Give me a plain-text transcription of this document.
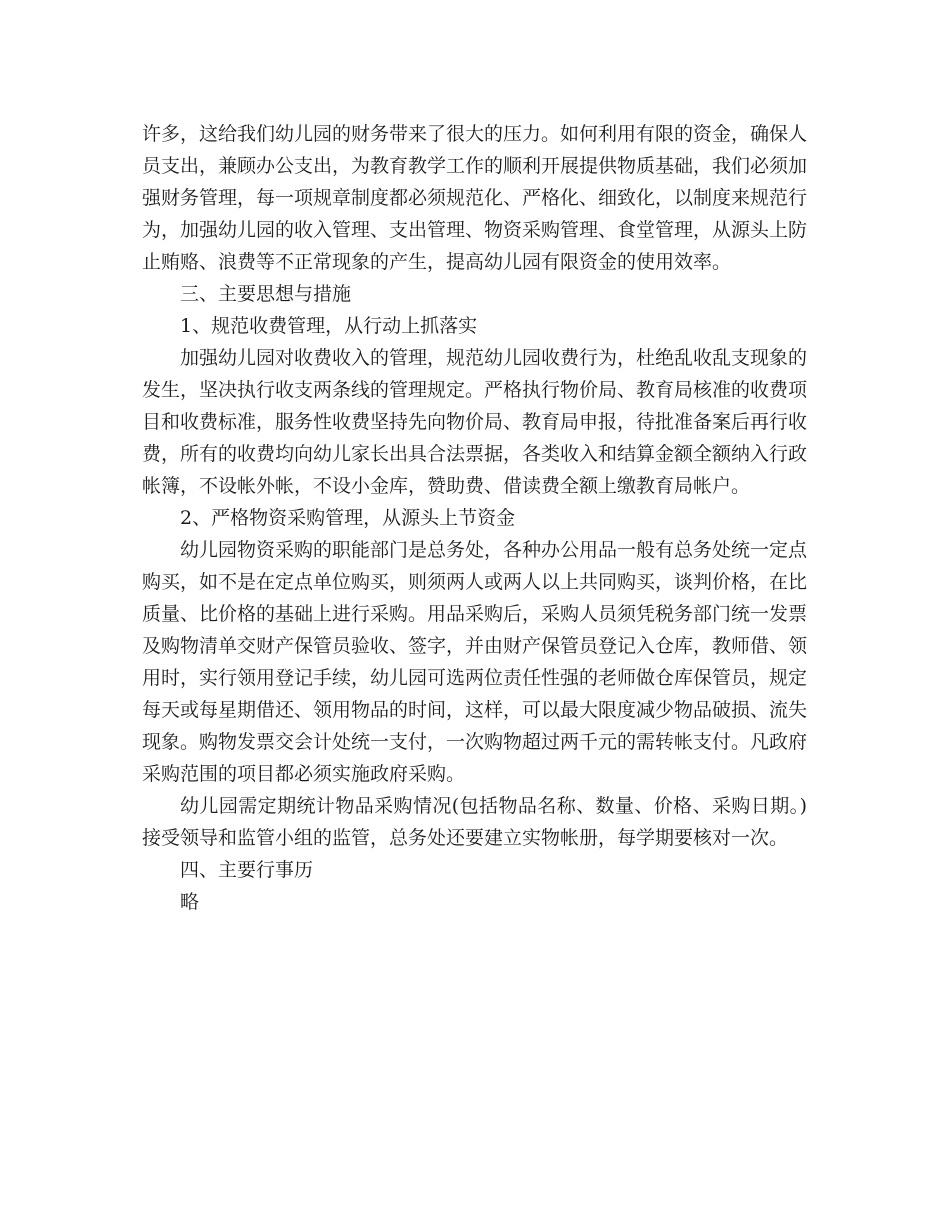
许多，这给我们幼儿园的财务带来了很大的压力。如何利用有限的资金，确保人员支出，兼顾办公支出，为教育教学工作的顺利开展提供物质基础，我们必须加强财务管理，每一项规章制度都必须规范化、严格化、细致化，以制度来规范行为，加强幼儿园的收入管理、支出管理、物资采购管理、食堂管理，从源头上防止贿赂、浪费等不正常现象的产生，提高幼儿园有限资金的使用效率。

三、主要思想与措施

1、规范收费管理，从行动上抓落实

加强幼儿园对收费收入的管理，规范幼儿园收费行为，杜绝乱收乱支现象的发生，坚决执行收支两条线的管理规定。严格执行物价局、教育局核准的收费项目和收费标准，服务性收费坚持先向物价局、教育局申报，待批准备案后再行收费，所有的收费均向幼儿家长出具合法票据，各类收入和结算金额全额纳入行政帐簿，不设帐外帐，不设小金库，赞助费、借读费全额上缴教育局帐户。

2、严格物资采购管理，从源头上节资金

幼儿园物资采购的职能部门是总务处，各种办公用品一般有总务处统一定点购买，如不是在定点单位购买，则须两人或两人以上共同购买，谈判价格，在比质量、比价格的基础上进行采购。用品采购后，采购人员须凭税务部门统一发票及购物清单交财产保管员验收、签字，并由财产保管员登记入仓库，教师借、领用时，实行领用登记手续，幼儿园可选两位责任性强的老师做仓库保管员，规定每天或每星期借还、领用物品的时间，这样，可以最大限度减少物品破损、流失现象。购物发票交会计处统一支付，一次购物超过两千元的需转帐支付。凡政府采购范围的项目都必须实施政府采购。

幼儿园需定期统计物品采购情况(包括物品名称、数量、价格、采购日期。)接受领导和监管小组的监管，总务处还要建立实物帐册，每学期要核对一次。

四、主要行事历

略
